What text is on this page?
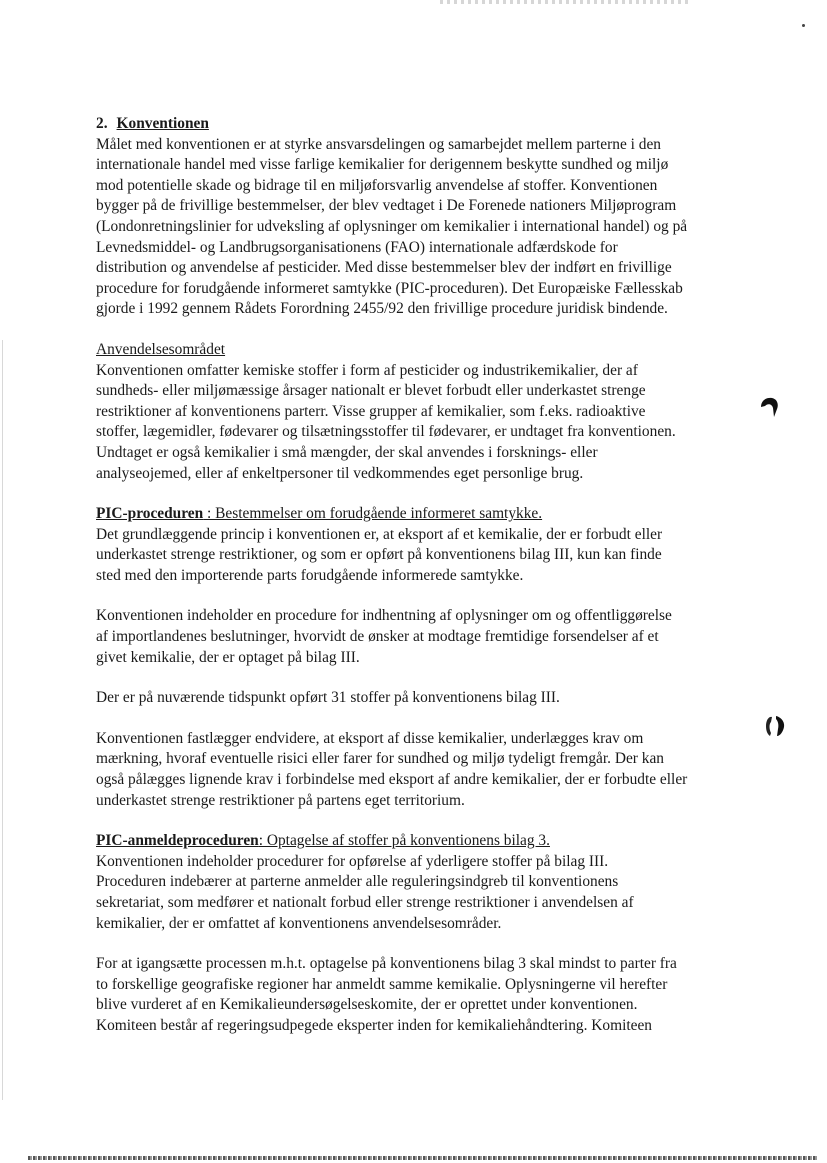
2. Konventionen

Målet med konventionen er at styrke ansvarsdelingen og samarbejdet mellem parterne i den
internationale handel med visse farlige kemikalier for derigennem beskytte sundhed og miljø
mod potentielle skade og bidrage til en miljøforsvarlig anvendelse af stoffer. Konventionen
bygger på de frivillige bestemmelser, der blev vedtaget i De Forenede nationers Miljøprogram
(Londonretningslinier for udveksling af oplysninger om kemikalier i international handel) og på
Levnedsmiddel- og Landbrugsorganisationens (FAO) internationale adfærdskode for
distribution og anvendelse af pesticider. Med disse bestemmelser blev der indført en frivillige
procedure for forudgående informeret samtykke (PIC-proceduren). Det Europæiske Fællesskab
gjorde i 1992 gennem Rådets Forordning 2455/92 den frivillige procedure juridisk bindende.

Anvendelsesområdet

Konventionen omfatter kemiske stoffer i form af pesticider og industrikemikalier, der af
sundheds- eller miljømæssige årsager nationalt er blevet forbudt eller underkastet strenge
restriktioner af konventionens parterr. Visse grupper af kemikalier, som f.eks. radioaktive
stoffer, lægemidler, fødevarer og tilsætningsstoffer til fødevarer, er undtaget fra konventionen.
Undtaget er også kemikalier i små mængder, der skal anvendes i forsknings- eller
analyseojemed, eller af enkeltpersoner til vedkommendes eget personlige brug.

PIC-proceduren : Bestemmelser om forudgående informeret samtykke.

Det grundlæggende princip i konventionen er, at eksport af et kemikalie, der er forbudt eller
underkastet strenge restriktioner, og som er opført på konventionens bilag III, kun kan finde
sted med den importerende parts forudgående informerede samtykke.
Konventionen indeholder en procedure for indhentning af oplysninger om og offentliggørelse
af importlandenes beslutninger, hvorvidt de ønsker at modtage fremtidige forsendelser af et
givet kemikalie, der er optaget på bilag III.
Der er på nuværende tidspunkt opført 31 stoffer på konventionens bilag III.
Konventionen fastlægger endvidere, at eksport af disse kemikalier, underlægges krav om
mærkning, hvoraf eventuelle risici eller farer for sundhed og miljø tydeligt fremgår. Der kan
også pålægges lignende krav i forbindelse med eksport af andre kemikalier, der er forbudte eller
underkastet strenge restriktioner på partens eget territorium.

PIC-anmeldeproceduren: Optagelse af stoffer på konventionens bilag 3.

Konventionen indeholder procedurer for opførelse af yderligere stoffer på bilag III.
Proceduren indebærer at parterne anmelder alle reguleringsindgreb til konventionens
sekretariat, som medfører et nationalt forbud eller strenge restriktioner i anvendelsen af
kemikalier, der er omfattet af konventionens anvendelsesområder.
For at igangsætte processen m.h.t. optagelse på konventionens bilag 3 skal mindst to parter fra
to forskellige geografiske regioner har anmeldt samme kemikalie. Oplysningerne vil herefter
blive vurderet af en Kemikalieundersøgelseskomite, der er oprettet under konventionen.
Komiteen består af regeringsudpegede eksperter inden for kemikaliehåndtering. Komiteen
